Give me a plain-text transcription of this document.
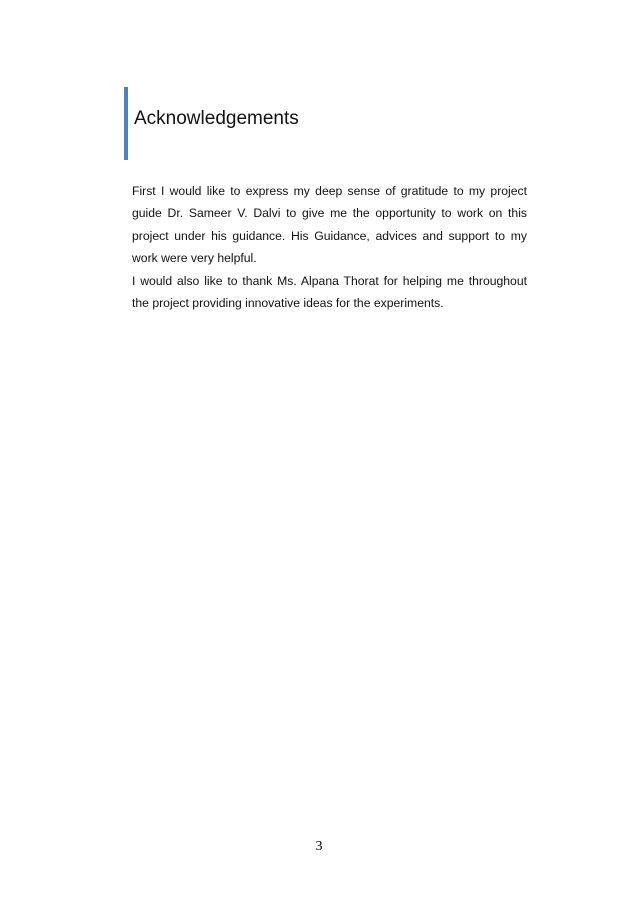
Acknowledgements

First I would like to express my deep sense of gratitude to my project guide Dr. Sameer V. Dalvi to give me the opportunity to work on this project under his guidance. His Guidance, advices and support to my work were very helpful.

I would also like to thank Ms. Alpana Thorat for helping me throughout the project providing innovative ideas for the experiments.

3
